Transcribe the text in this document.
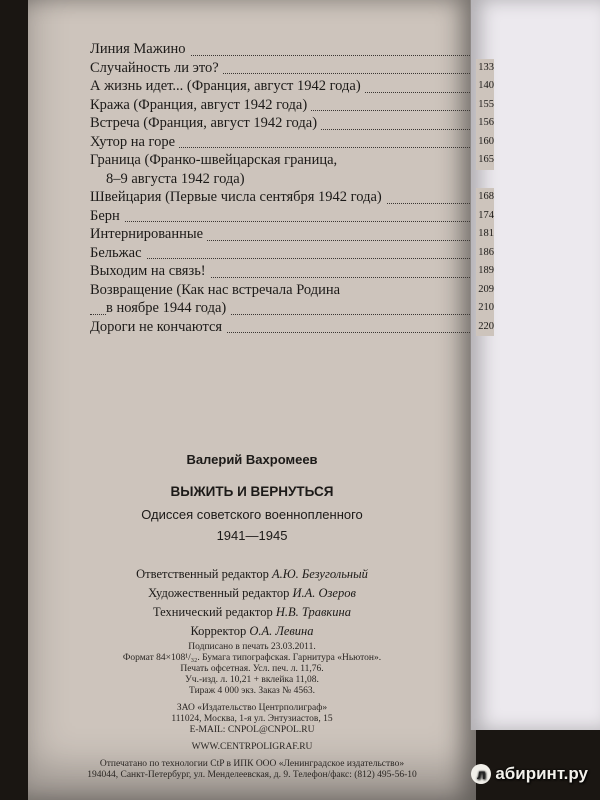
Линия Мажино
Случайность ли это?	133
А жизнь идет... (Франция, август 1942 года)	140
Кража (Франция, август 1942 года)	155
Встреча (Франция, август 1942 года)	156
Хутор на горе	160
Граница (Франко-швейцарская граница,	165
8–9 августа 1942 года)
Швейцария (Первые числа сентября 1942 года)	168
Берн	174
Интернированные	181
Бельжас	186
Выходим на связь!	189
Возвращение (Как нас встречала Родина	209
в ноябре 1944 года)	210
Дороги не кончаются	220
Валерий Вахромеев
ВЫЖИТЬ И ВЕРНУТЬСЯ
Одиссея советского военнопленного
1941—1945
Ответственный редактор А.Ю. Безугольный
Художественный редактор И.А. Озеров
Технический редактор Н.В. Травкина
Корректор О.А. Левина
Подписано в печать 23.03.2011.
Формат 84×108¹/₃₂. Бумага типографская. Гарнитура «Ньютон».
Печать офсетная. Усл. печ. л. 11,76.
Уч.-изд. л. 10,21 + вклейка 11,08.
Тираж 4 000 экз. Заказ № 4563.
ЗАО «Издательство Центрполиграф»
111024, Москва, 1-я ул. Энтузиастов, 15
E-MAIL: CNPOL@CNPOL.RU
WWW.CENTRPOLIGRAF.RU
Отпечатано по технологии CtP в ИПК ООО «Ленинградское издательство»
194044, Санкт-Петербург, ул. Менделеевская, д. 9. Телефон/факс: (812) 495-56-10	л абиринт.ру
